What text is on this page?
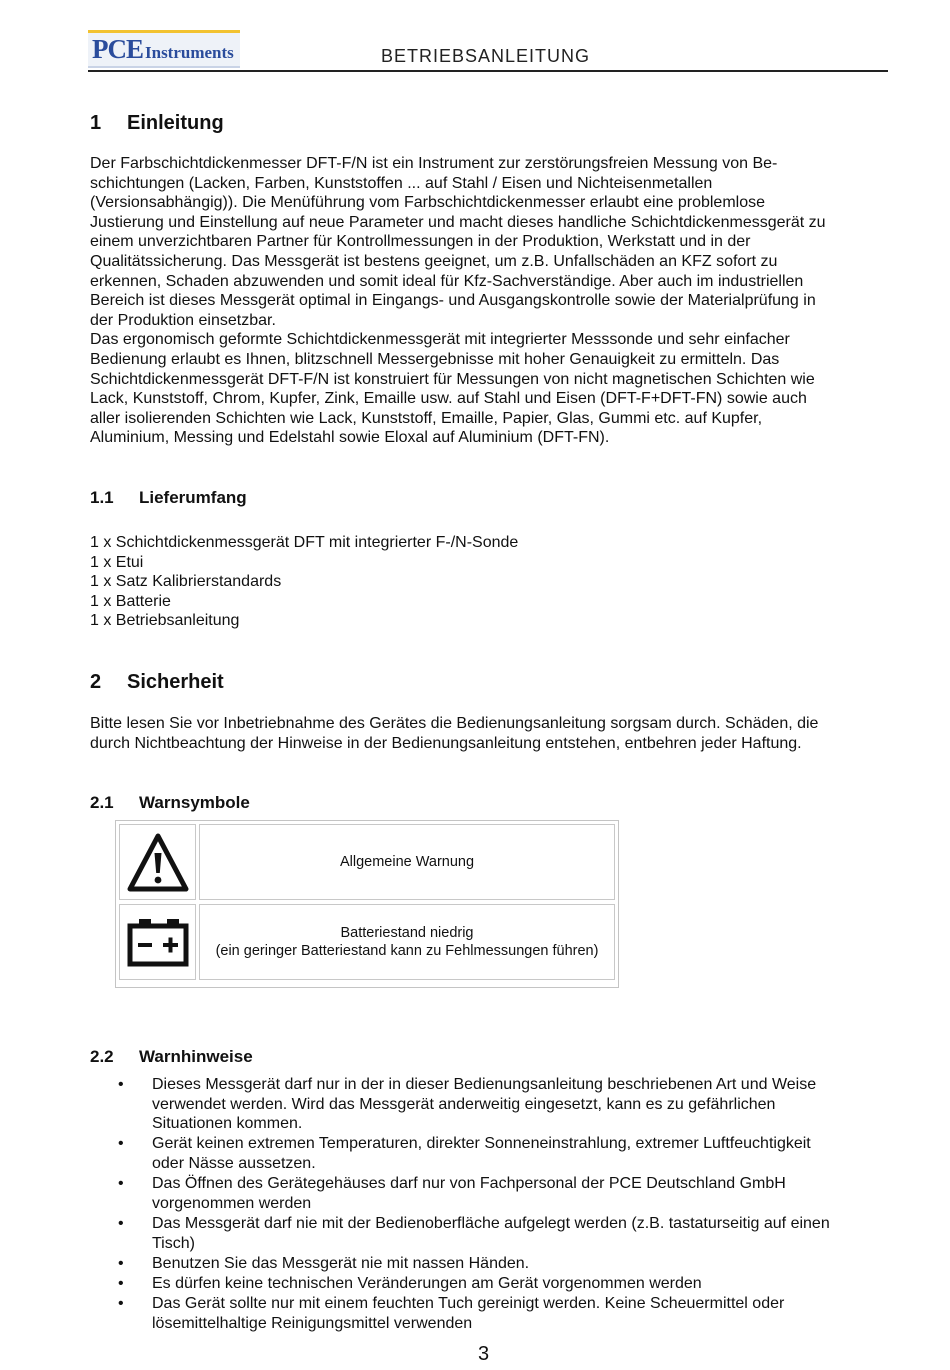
PCE Instruments	BETRIEBSANLEITUNG
1 Einleitung

Der Farbschichtdickenmesser DFT-F/N ist ein Instrument zur zerstörungsfreien Messung von Be-

schichtungen (Lacken, Farben, Kunststoffen ... auf Stahl / Eisen und Nichteisenmetallen

(Versionsabhängig)). Die Menüführung vom Farbschichtdickenmesser erlaubt eine problemlose

Justierung und Einstellung auf neue Parameter und macht dieses handliche Schichtdickenmessgerät zu

einem unverzichtbaren Partner für Kontrollmessungen in der Produktion, Werkstatt und in der

Qualitätssicherung. Das Messgerät ist bestens geeignet, um z.B. Unfallschäden an KFZ sofort zu

erkennen, Schaden abzuwenden und somit ideal für Kfz-Sachverständige. Aber auch im industriellen

Bereich ist dieses Messgerät optimal in Eingangs- und Ausgangskontrolle sowie der Materialprüfung in

der Produktion einsetzbar.

Das ergonomisch geformte Schichtdickenmessgerät mit integrierter Messsonde und sehr einfacher

Bedienung erlaubt es Ihnen, blitzschnell Messergebnisse mit hoher Genauigkeit zu ermitteln. Das

Schichtdickenmessgerät DFT-F/N ist konstruiert für Messungen von nicht magnetischen Schichten wie

Lack, Kunststoff, Chrom, Kupfer, Zink, Emaille usw. auf Stahl und Eisen (DFT-F+DFT-FN) sowie auch

aller isolierenden Schichten wie Lack, Kunststoff, Emaille, Papier, Glas, Gummi etc. auf Kupfer,

Aluminium, Messing und Edelstahl sowie Eloxal auf Aluminium (DFT-FN).

1.1 Lieferumfang
1 x Schichtdickenmessgerät DFT mit integrierter F-/N-Sonde
1 x Etui
1 x Satz Kalibrierstandards
1 x Batterie
1 x Betriebsanleitung
2 Sicherheit

Bitte lesen Sie vor Inbetriebnahme des Gerätes die Bedienungsanleitung sorgsam durch. Schäden, die

durch Nichtbeachtung der Hinweise in der Bedienungsanleitung entstehen, entbehren jeder Haftung.

2.1 Warnsymbole
Allgemeine Warnung
Batteriestand niedrig
(ein geringer Batteriestand kann zu Fehlmessungen führen)
2.2 Warnhinweise
• Dieses Messgerät darf nur in der in dieser Bedienungsanleitung beschriebenen Art und Weise
verwendet werden. Wird das Messgerät anderweitig eingesetzt, kann es zu gefährlichen
Situationen kommen.
• Gerät keinen extremen Temperaturen, direkter Sonneneinstrahlung, extremer Luftfeuchtigkeit
oder Nässe aussetzen.
• Das Öffnen des Gerätegehäuses darf nur von Fachpersonal der PCE Deutschland GmbH
vorgenommen werden
• Das Messgerät darf nie mit der Bedienoberfläche aufgelegt werden (z.B. tastaturseitig auf einen
Tisch)
• Benutzen Sie das Messgerät nie mit nassen Händen.
• Es dürfen keine technischen Veränderungen am Gerät vorgenommen werden
• Das Gerät sollte nur mit einem feuchten Tuch gereinigt werden. Keine Scheuermittel oder
lösemittelhaltige Reinigungsmittel verwenden
3
